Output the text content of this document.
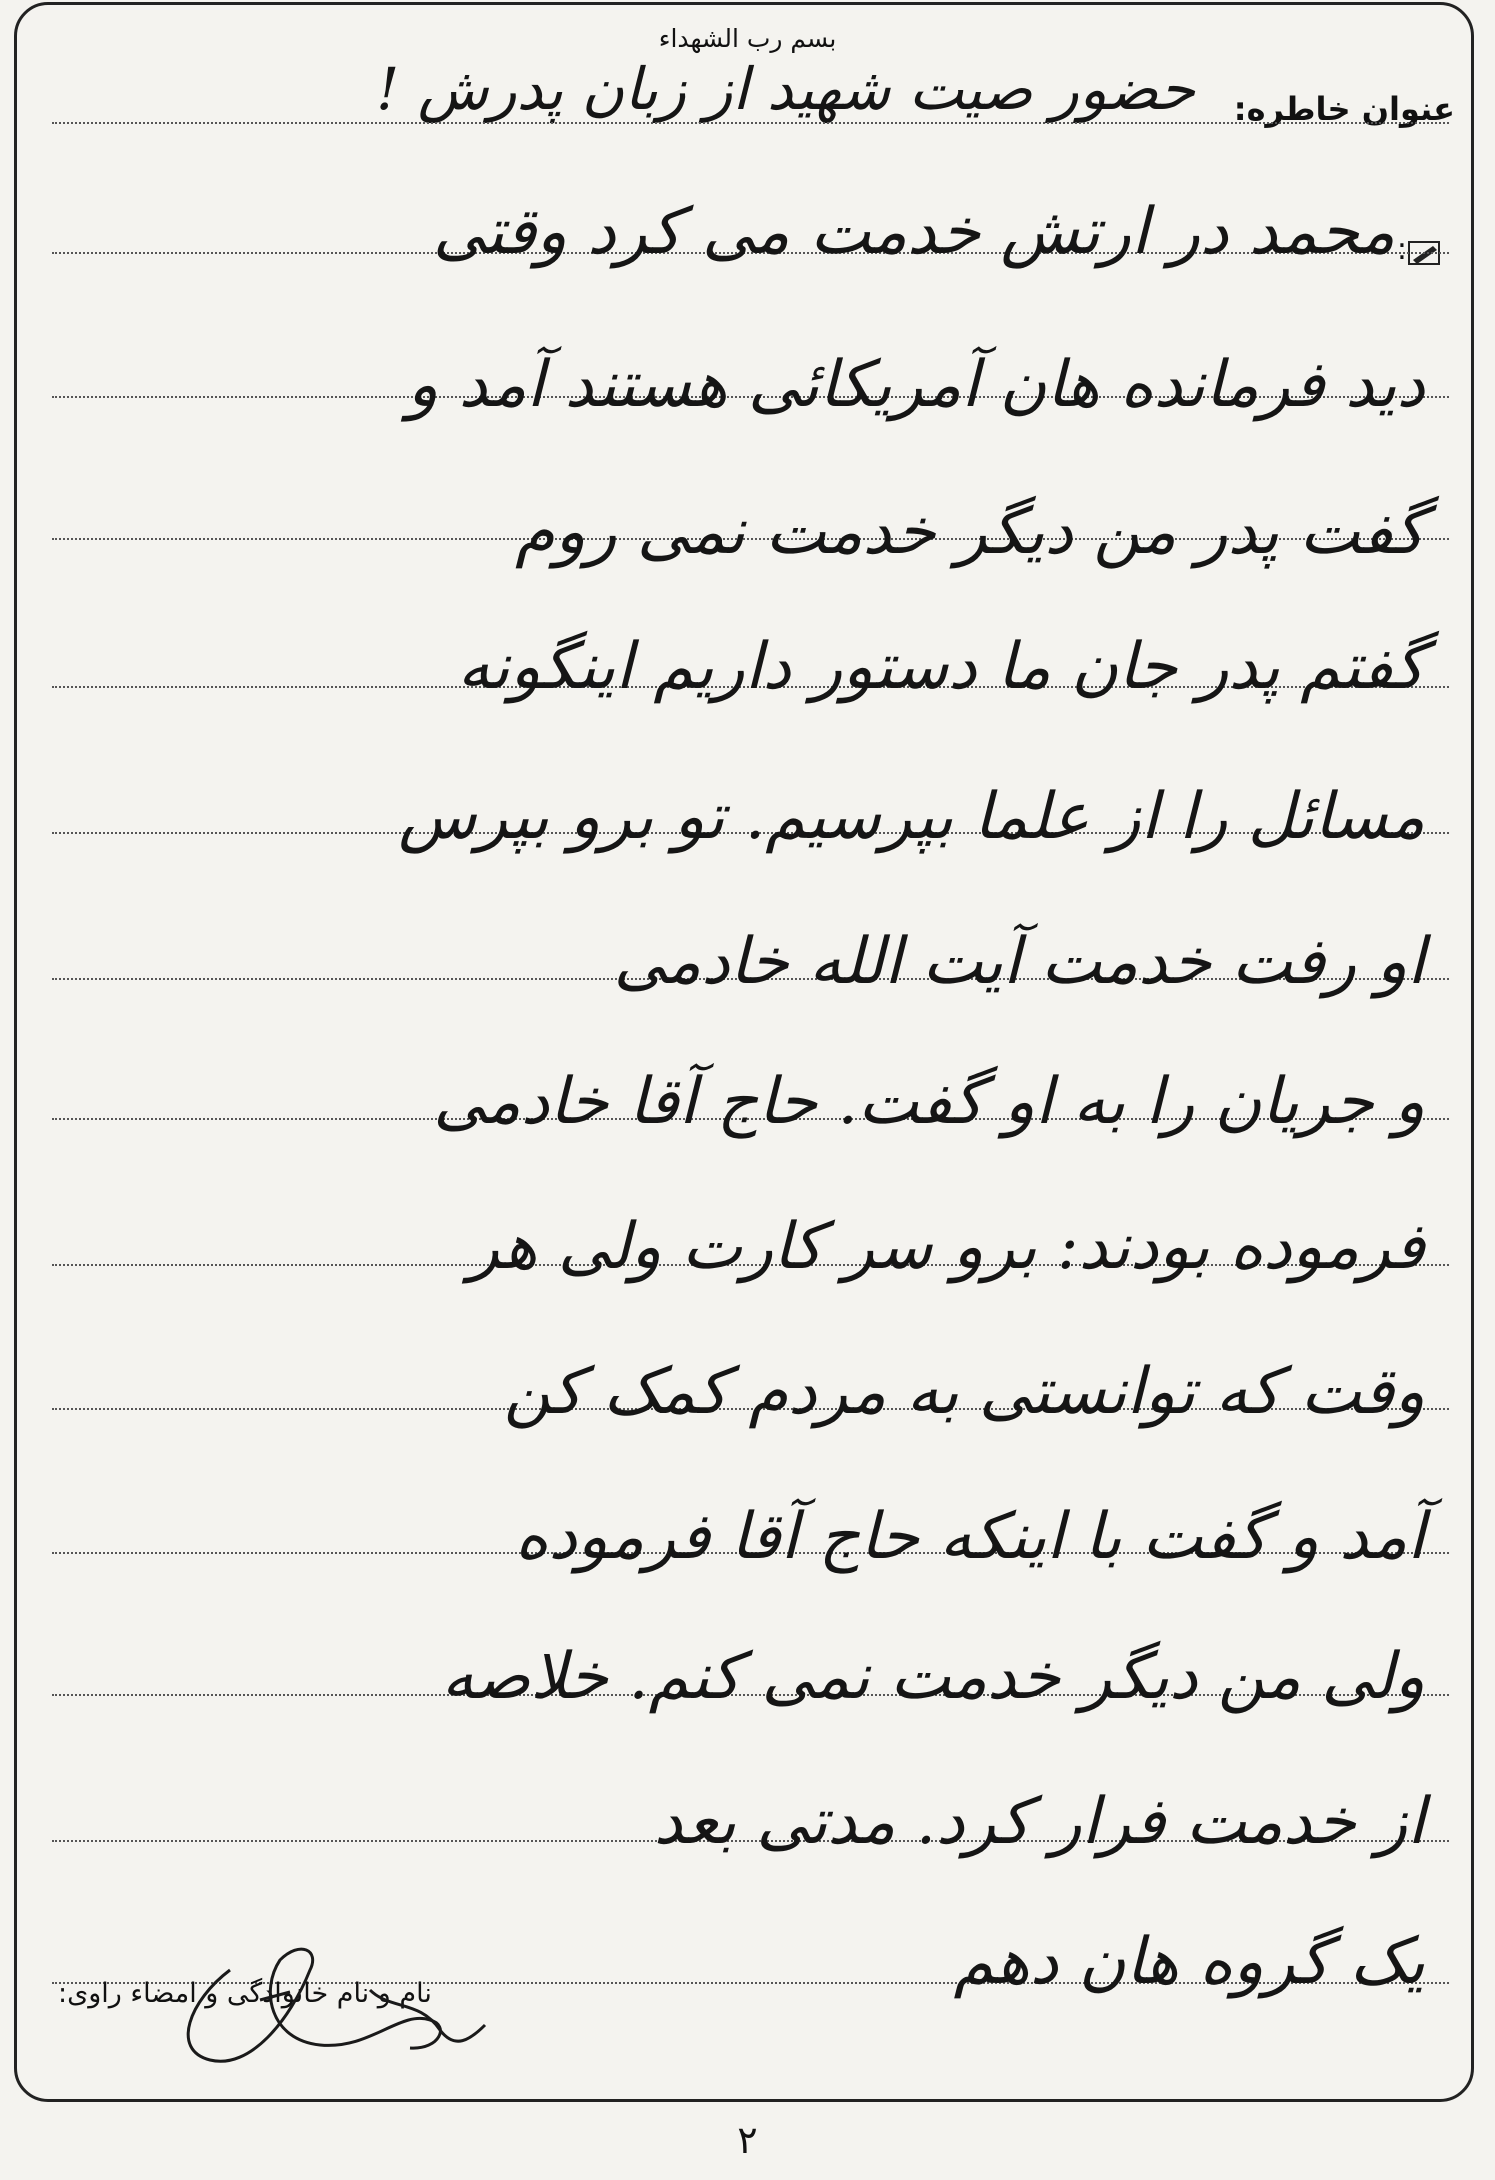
بسم رب الشهداء
عنوان خاطره:
حضور صیت شهید از زبان پدرش !
:
محمد در ارتش خدمت می کرد وقتی
دید فرمانده هان آمریکائی هستند آمد و
گفت پدر من دیگر خدمت نمی روم
گفتم پدر جان ما دستور داریم اینگونه
مسائل را از علما بپرسیم. تو برو بپرس
او رفت خدمت آیت الله خادمی
و جریان را به او گفت. حاج آقا خادمی
فرموده بودند: برو سر کارت ولی هر
وقت که توانستی به مردم کمک کن
آمد و گفت با اینکه حاج آقا فرموده
ولی من دیگر خدمت نمی کنم. خلاصه
از خدمت فرار کرد. مدتی بعد
یک گروه هان دهم
نام و نام خانوادگی و امضاء راوی:
۲
